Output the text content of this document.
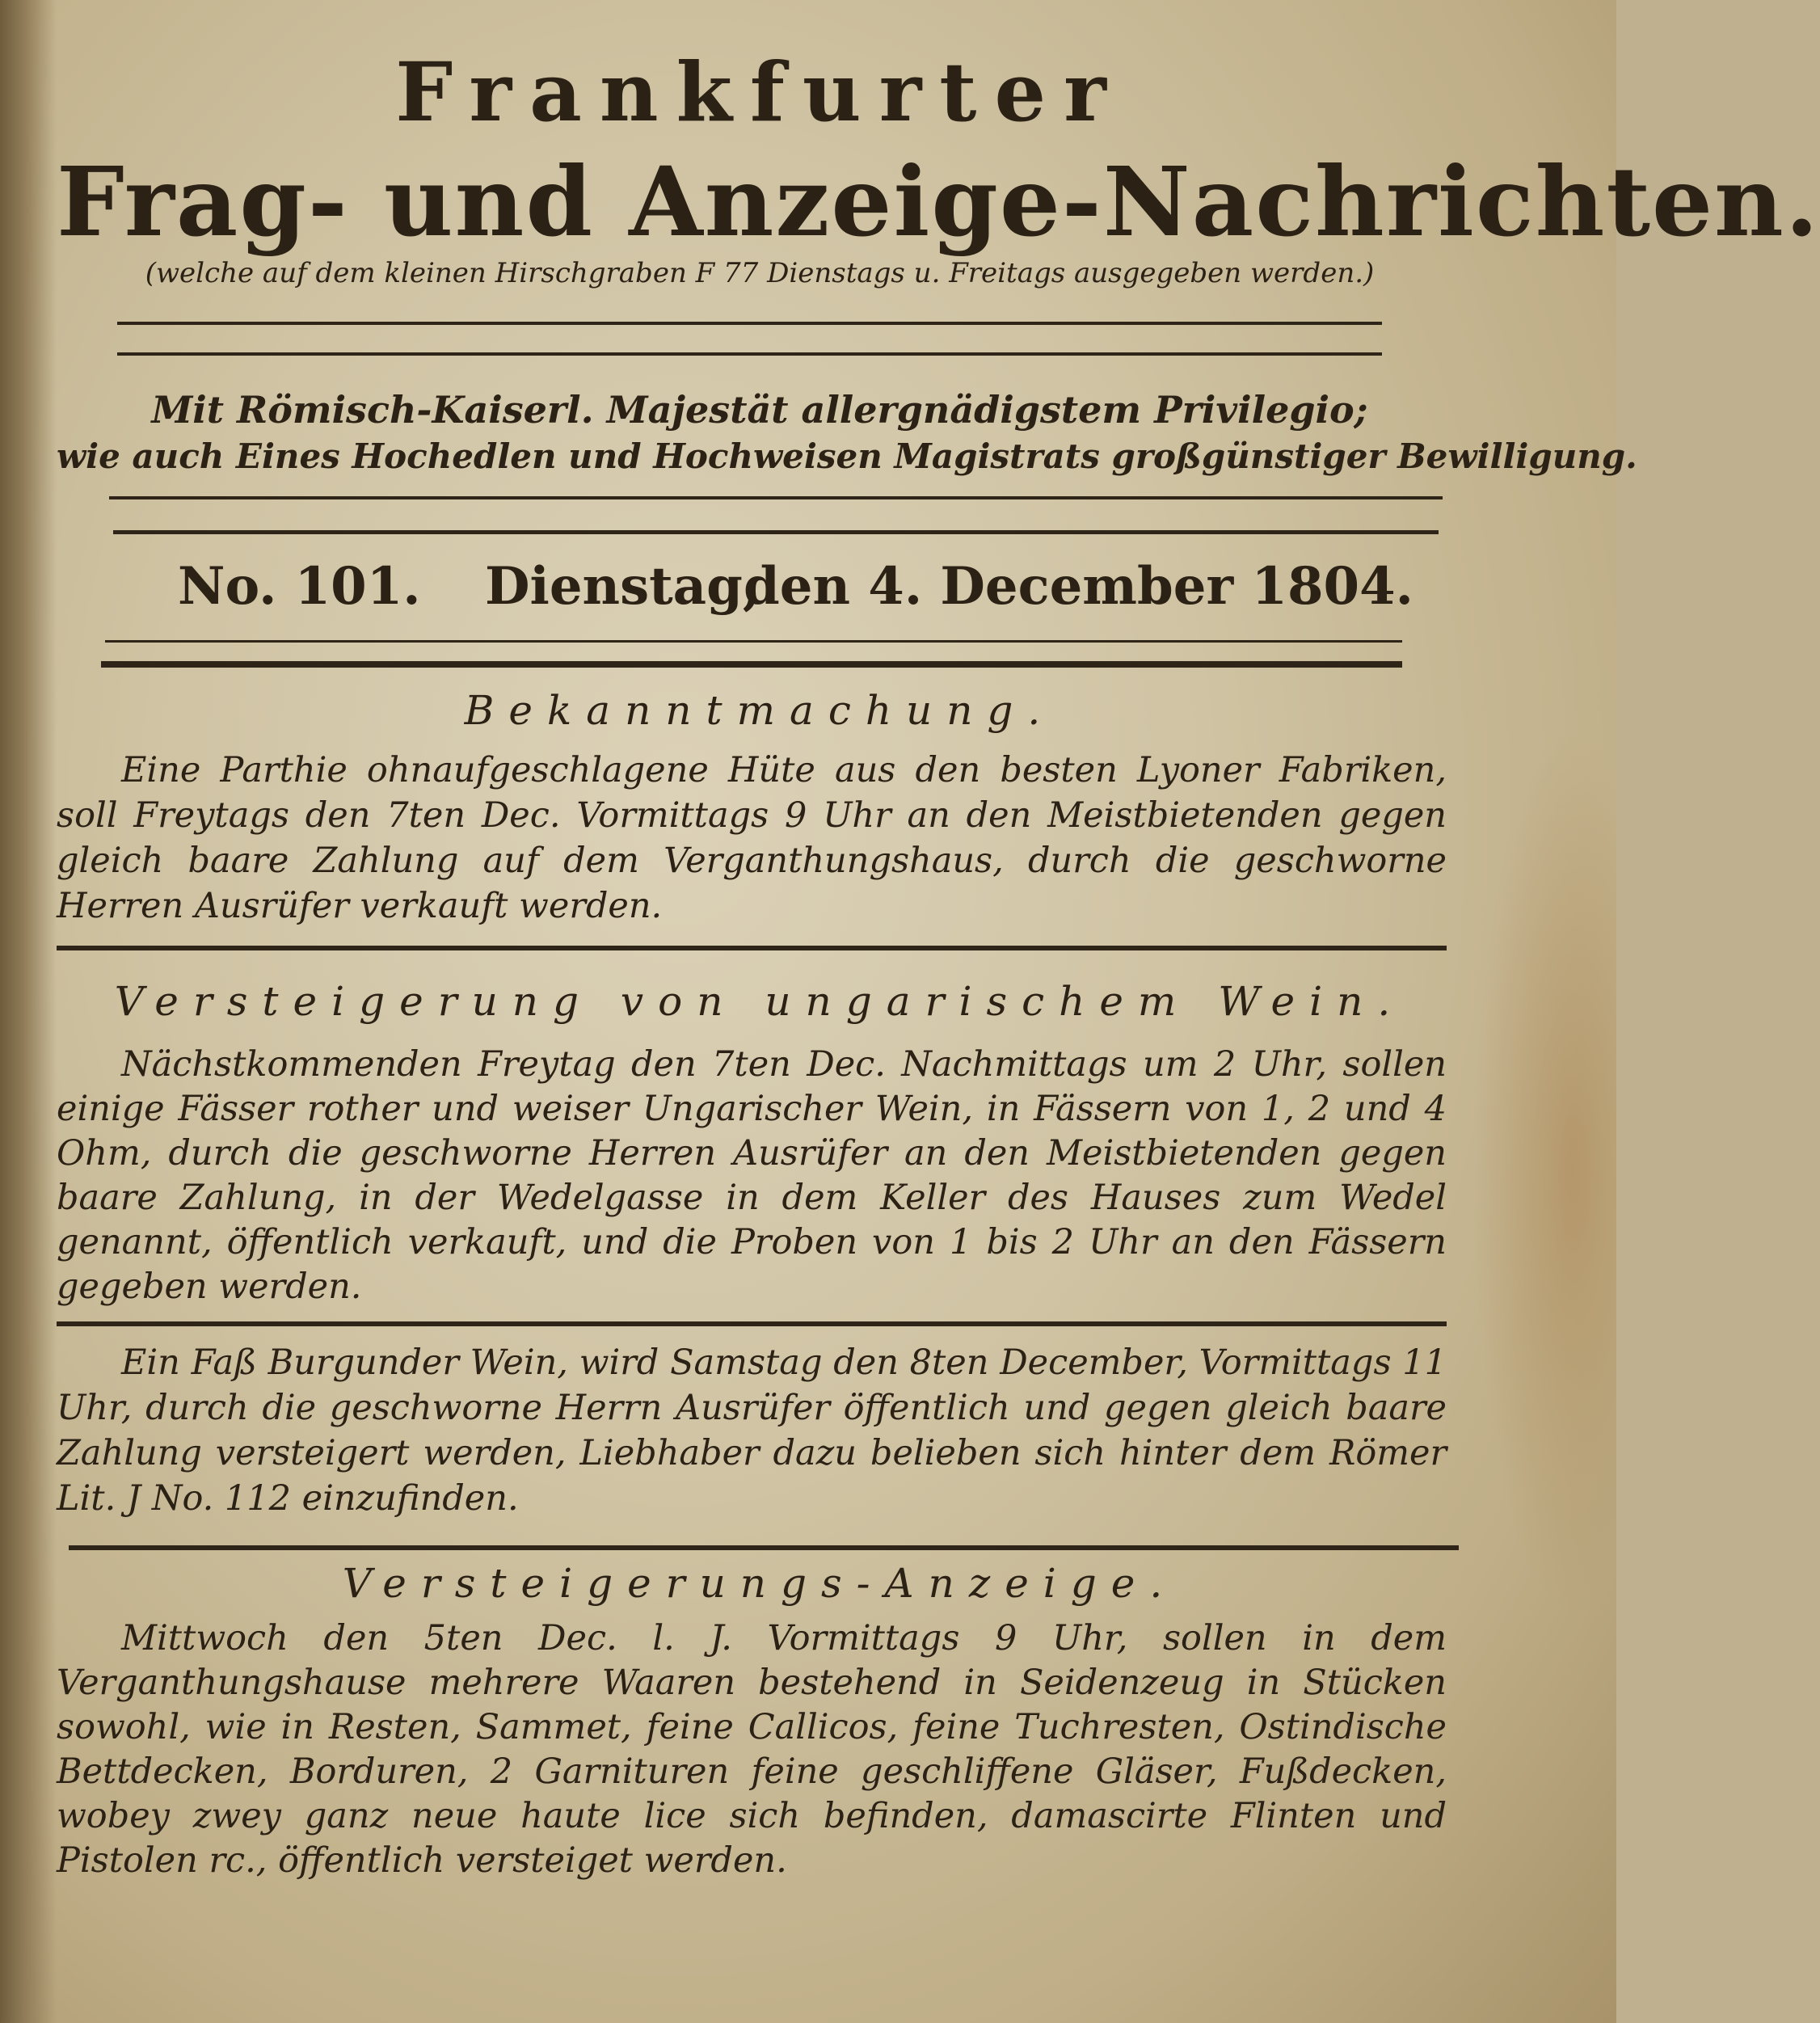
Frankfurter
Frag- und Anzeige-Nachrichten.
(welche auf dem kleinen Hirschgraben F 77 Dienstags u. Freitags ausgegeben werden.)
Mit Römisch-Kaiserl. Majestät allergnädigstem Privilegio;
wie auch Eines Hochedlen und Hochweisen Magistrats großgünstiger Bewilligung.
No. 101. Dienstag,
den 4. December 1804.
Bekanntmachung.
Eine Parthie ohnaufgeschlagene Hüte aus den besten Lyoner Fabriken, soll Freytags den 7ten Dec. Vormittags 9 Uhr an den Meistbietenden gegen gleich baare Zahlung auf dem Verganthungshaus, durch die geschworne Herren Ausrüfer verkauft werden.
Versteigerung von ungarischem Wein.
Nächstkommenden Freytag den 7ten Dec. Nachmittags um 2 Uhr, sollen einige Fässer rother und weiser Ungarischer Wein, in Fässern von 1, 2 und 4 Ohm, durch die geschworne Herren Ausrüfer an den Meistbietenden gegen baare Zahlung, in der Wedelgasse in dem Keller des Hauses zum Wedel genannt, öffentlich verkauft, und die Proben von 1 bis 2 Uhr an den Fässern gegeben werden.
Ein Faß Burgunder Wein, wird Samstag den 8ten December, Vormittags 11 Uhr, durch die geschworne Herrn Ausrüfer öffentlich und gegen gleich baare Zahlung versteigert werden, Liebhaber dazu belieben sich hinter dem Römer Lit. J No. 112 einzufinden.
Versteigerungs-Anzeige.
Mittwoch den 5ten Dec. l. J. Vormittags 9 Uhr, sollen in dem Verganthungshause mehrere Waaren bestehend in Seidenzeug in Stücken sowohl, wie in Resten, Sammet, feine Callicos, feine Tuchresten, Ostindische Bettdecken, Borduren, 2 Garnituren feine geschliffene Gläser, Fußdecken, wobey zwey ganz neue haute lice sich befinden, damascirte Flinten und Pistolen rc., öffentlich versteiget werden.
